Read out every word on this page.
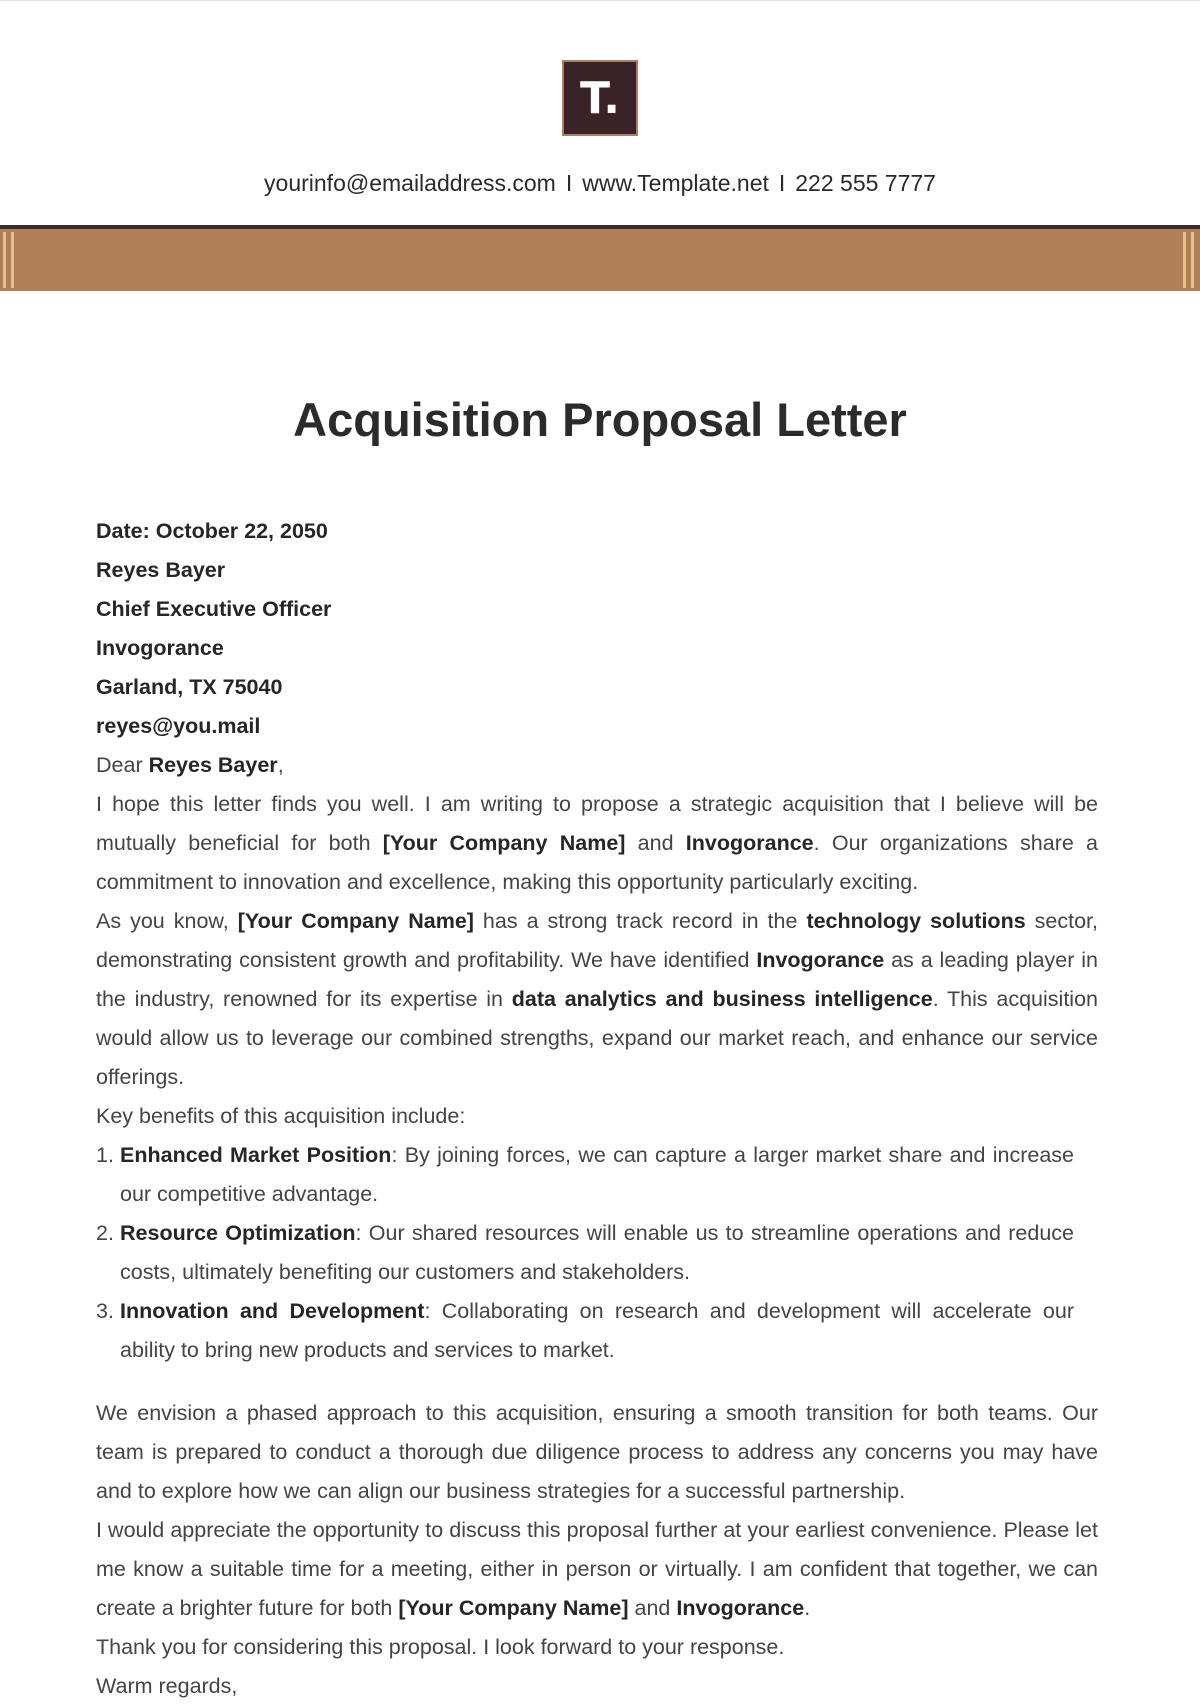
T.
yourinfo@emailaddress.com I www.Template.net I 222 555 7777
Acquisition Proposal Letter

Date: October 22, 2050

Reyes Bayer

Chief Executive Officer

Invogorance

Garland, TX 75040

reyes@you.mail

Dear Reyes Bayer,

I hope this letter finds you well. I am writing to propose a strategic acquisition that I believe will be mutually beneficial for both [Your Company Name] and Invogorance. Our organizations share a commitment to innovation and excellence, making this opportunity particularly exciting.

As you know, [Your Company Name] has a strong track record in the technology solutions sector, demonstrating consistent growth and profitability. We have identified Invogorance as a leading player in the industry, renowned for its expertise in data analytics and business intelligence. This acquisition would allow us to leverage our combined strengths, expand our market reach, and enhance our service offerings.

Key benefits of this acquisition include:

1. Enhanced Market Position: By joining forces, we can capture a larger market share and increase our competitive advantage.
2. Resource Optimization: Our shared resources will enable us to streamline operations and reduce costs, ultimately benefiting our customers and stakeholders.
3. Innovation and Development: Collaborating on research and development will accelerate our ability to bring new products and services to market.

We envision a phased approach to this acquisition, ensuring a smooth transition for both teams. Our team is prepared to conduct a thorough due diligence process to address any concerns you may have and to explore how we can align our business strategies for a successful partnership.

I would appreciate the opportunity to discuss this proposal further at your earliest convenience. Please let me know a suitable time for a meeting, either in person or virtually. I am confident that together, we can create a brighter future for both [Your Company Name] and Invogorance.

Thank you for considering this proposal. I look forward to your response.

Warm regards,
